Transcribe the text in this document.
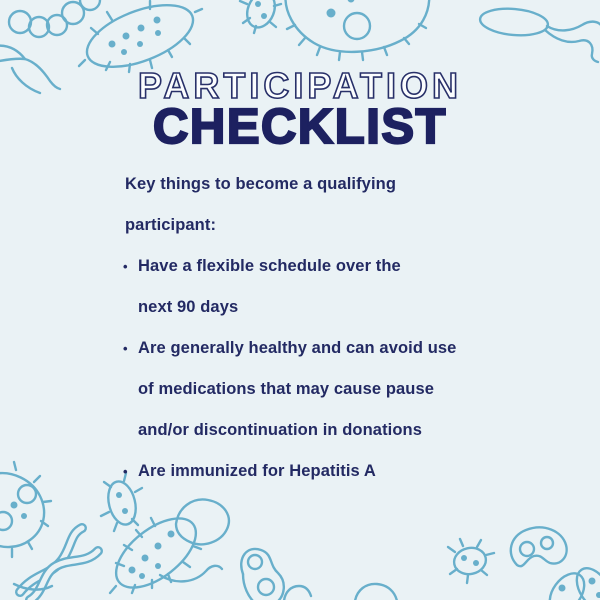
PARTICIPATION
CHECKLIST

Key things to become a qualifying

participant:

• Have a flexible schedule over the

next 90 days

• Are generally healthy and can avoid use

of medications that may cause pause

and/or discontinuation in donations

• Are immunized for Hepatitis A
